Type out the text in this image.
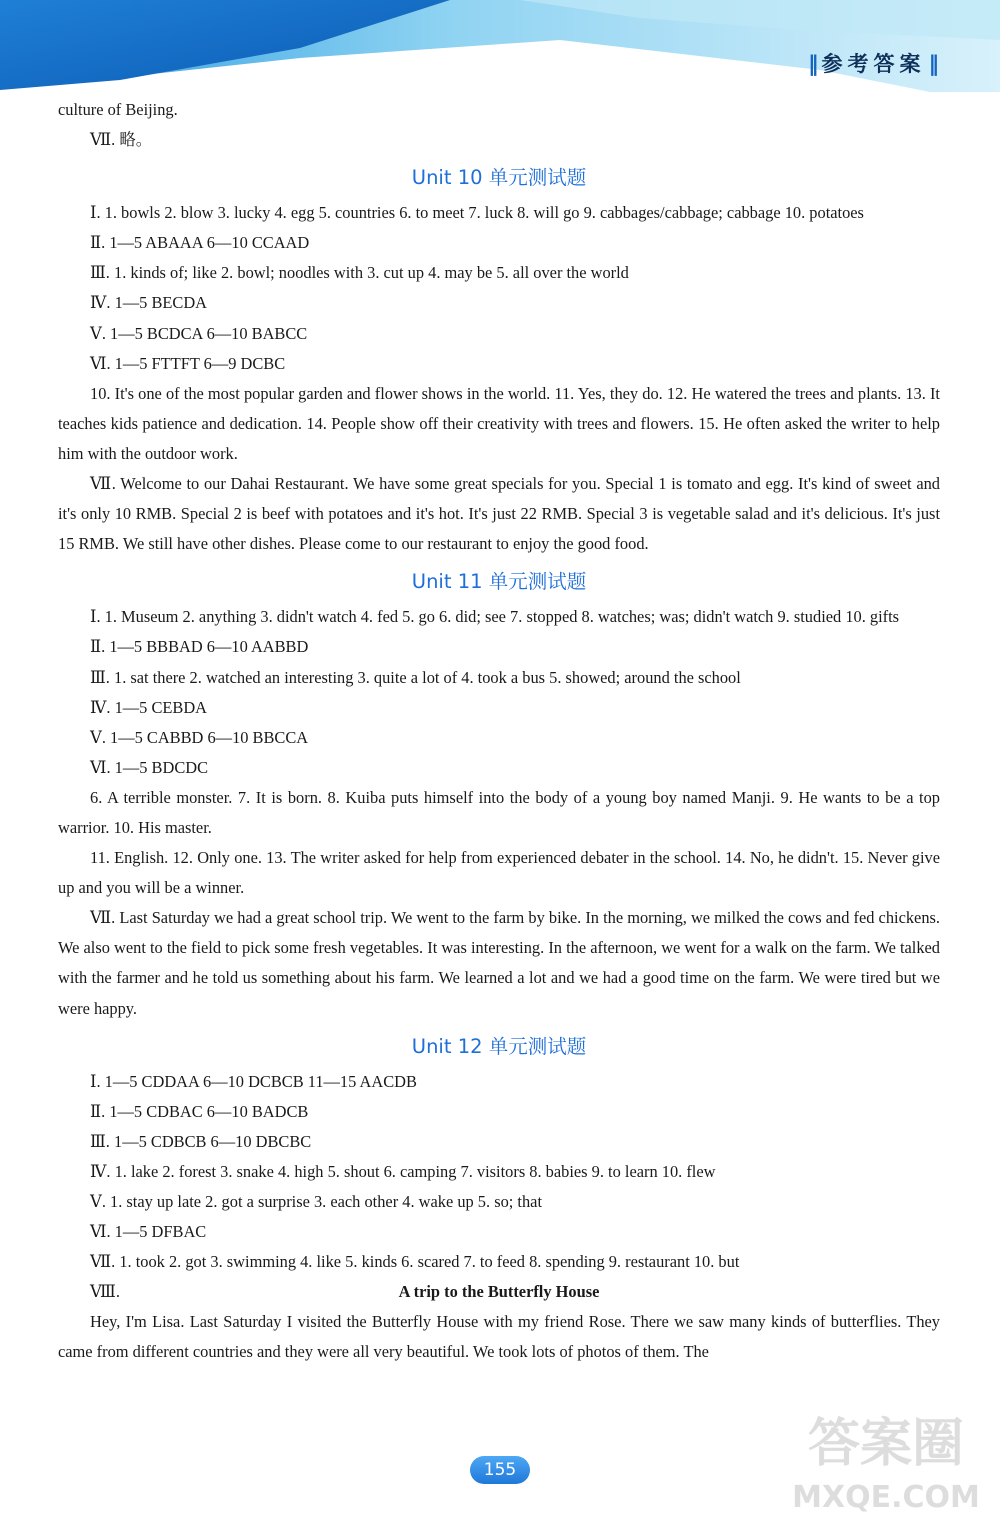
‖ 参考答案 ‖

culture of Beijing.

Ⅶ. 略。

Unit 10 单元测试题

Ⅰ. 1. bowls 2. blow 3. lucky 4. egg 5. countries 6. to meet 7. luck 8. will go 9. cabbages/cabbage; cabbage 10. potatoes

Ⅱ. 1—5 ABAAA 6—10 CCAAD

Ⅲ. 1. kinds of; like 2. bowl; noodles with 3. cut up 4. may be 5. all over the world

Ⅳ. 1—5 BECDA

Ⅴ. 1—5 BCDCA 6—10 BABCC

Ⅵ. 1—5 FTTFT 6—9 DCBC

10. It's one of the most popular garden and flower shows in the world. 11. Yes, they do. 12. He watered the trees and plants. 13. It teaches kids patience and dedication. 14. People show off their creativity with trees and flowers. 15. He often asked the writer to help him with the outdoor work.

Ⅶ. Welcome to our Dahai Restaurant. We have some great specials for you. Special 1 is tomato and egg. It's kind of sweet and it's only 10 RMB. Special 2 is beef with potatoes and it's hot. It's just 22 RMB. Special 3 is vegetable salad and it's delicious. It's just 15 RMB. We still have other dishes. Please come to our restaurant to enjoy the good food.

Unit 11 单元测试题

Ⅰ. 1. Museum 2. anything 3. didn't watch 4. fed 5. go 6. did; see 7. stopped 8. watches; was; didn't watch 9. studied 10. gifts

Ⅱ. 1—5 BBBAD 6—10 AABBD

Ⅲ. 1. sat there 2. watched an interesting 3. quite a lot of 4. took a bus 5. showed; around the school

Ⅳ. 1—5 CEBDA

Ⅴ. 1—5 CABBD 6—10 BBCCA

Ⅵ. 1—5 BDCDC

6. A terrible monster. 7. It is born. 8. Kuiba puts himself into the body of a young boy named Manji. 9. He wants to be a top warrior. 10. His master.

11. English. 12. Only one. 13. The writer asked for help from experienced debater in the school. 14. No, he didn't. 15. Never give up and you will be a winner.

Ⅶ. Last Saturday we had a great school trip. We went to the farm by bike. In the morning, we milked the cows and fed chickens. We also went to the field to pick some fresh vegetables. It was interesting. In the afternoon, we went for a walk on the farm. We talked with the farmer and he told us something about his farm. We learned a lot and we had a good time on the farm. We were tired but we were happy.

Unit 12 单元测试题

Ⅰ. 1—5 CDDAA 6—10 DCBCB 11—15 AACDB

Ⅱ. 1—5 CDBAC 6—10 BADCB

Ⅲ. 1—5 CDBCB 6—10 DBCBC

Ⅳ. 1. lake 2. forest 3. snake 4. high 5. shout 6. camping 7. visitors 8. babies 9. to learn 10. flew

Ⅴ. 1. stay up late 2. got a surprise 3. each other 4. wake up 5. so; that

Ⅵ. 1—5 DFBAC

Ⅶ. 1. took 2. got 3. swimming 4. like 5. kinds 6. scared 7. to feed 8. spending 9. restaurant 10. but

Ⅷ.	A trip to the Butterfly House

Hey, I'm Lisa. Last Saturday I visited the Butterfly House with my friend Rose. There we saw many kinds of butterflies. They came from different countries and they were all very beautiful. We took lots of photos of them. The

155	答案圈
MXQE.COM
